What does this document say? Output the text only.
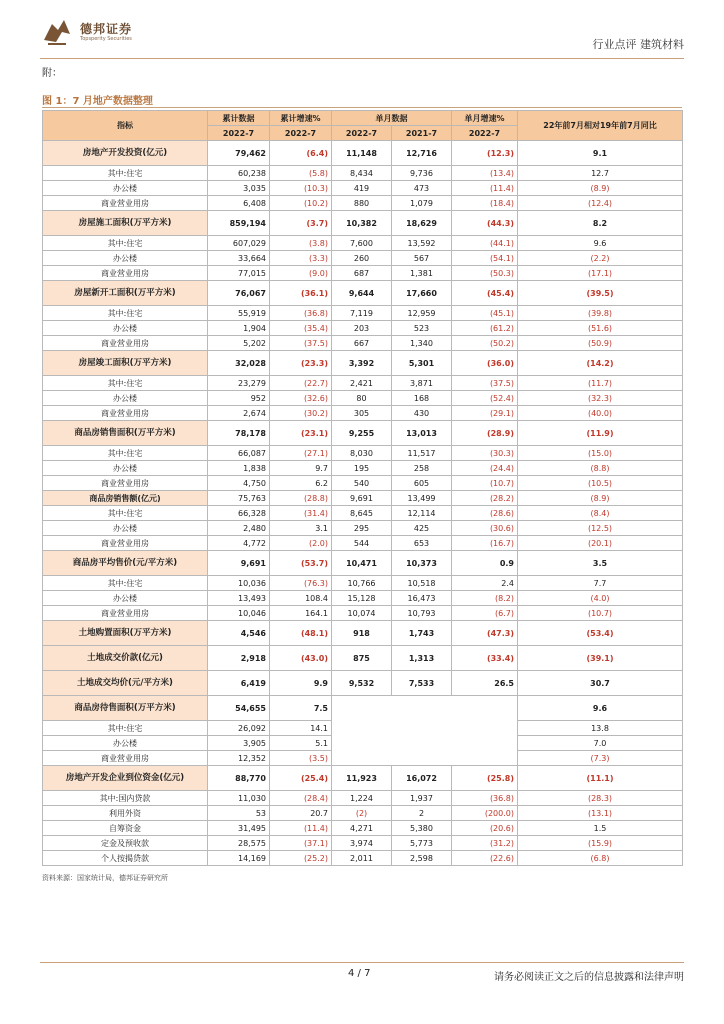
德邦证券
Topsperity Securities	行业点评 建筑材料
附：
图 1：7 月地产数据整理
指标	累计数据	累计增速%	单月数据		单月增速%	22年前7月相对19年前7月同比
	2022-7	2022-7	2022-7	2021-7	2022-7	
房地产开发投资(亿元)	79,462	(6.4)	11,148	12,716	(12.3)	9.1
其中:住宅	60,238	(5.8)	8,434	9,736	(13.4)	12.7
办公楼	3,035	(10.3)	419	473	(11.4)	(8.9)
商业营业用房	6,408	(10.2)	880	1,079	(18.4)	(12.4)
房屋施工面积(万平方米)	859,194	(3.7)	10,382	18,629	(44.3)	8.2
其中:住宅	607,029	(3.8)	7,600	13,592	(44.1)	9.6
办公楼	33,664	(3.3)	260	567	(54.1)	(2.2)
商业营业用房	77,015	(9.0)	687	1,381	(50.3)	(17.1)
房屋新开工面积(万平方米)	76,067	(36.1)	9,644	17,660	(45.4)	(39.5)
其中:住宅	55,919	(36.8)	7,119	12,959	(45.1)	(39.8)
办公楼	1,904	(35.4)	203	523	(61.2)	(51.6)
商业营业用房	5,202	(37.5)	667	1,340	(50.2)	(50.9)
房屋竣工面积(万平方米)	32,028	(23.3)	3,392	5,301	(36.0)	(14.2)
其中:住宅	23,279	(22.7)	2,421	3,871	(37.5)	(11.7)
办公楼	952	(32.6)	80	168	(52.4)	(32.3)
商业营业用房	2,674	(30.2)	305	430	(29.1)	(40.0)
商品房销售面积(万平方米)	78,178	(23.1)	9,255	13,013	(28.9)	(11.9)
其中:住宅	66,087	(27.1)	8,030	11,517	(30.3)	(15.0)
办公楼	1,838	9.7	195	258	(24.4)	(8.8)
商业营业用房	4,750	6.2	540	605	(10.7)	(10.5)
商品房销售额(亿元)	75,763	(28.8)	9,691	13,499	(28.2)	(8.9)
其中:住宅	66,328	(31.4)	8,645	12,114	(28.6)	(8.4)
办公楼	2,480	3.1	295	425	(30.6)	(12.5)
商业营业用房	4,772	(2.0)	544	653	(16.7)	(20.1)
商品房平均售价(元/平方米)	9,691	(53.7)	10,471	10,373	0.9	3.5
其中:住宅	10,036	(76.3)	10,766	10,518	2.4	7.7
办公楼	13,493	108.4	15,128	16,473	(8.2)	(4.0)
商业营业用房	10,046	164.1	10,074	10,793	(6.7)	(10.7)
土地购置面积(万平方米)	4,546	(48.1)	918	1,743	(47.3)	(53.4)
土地成交价款(亿元)	2,918	(43.0)	875	1,313	(33.4)	(39.1)
土地成交均价(元/平方米)	6,419	9.9	9,532	7,533	26.5	30.7
商品房待售面积(万平方米)	54,655	7.5				9.6
其中:住宅	26,092	14.1				13.8
办公楼	3,905	5.1				7.0
商业营业用房	12,352	(3.5)				(7.3)
房地产开发企业到位资金(亿元)	88,770	(25.4)	11,923	16,072	(25.8)	(11.1)
其中:国内贷款	11,030	(28.4)	1,224	1,937	(36.8)	(28.3)
利用外资	53	20.7	(2)	2	(200.0)	(13.1)
自筹资金	31,495	(11.4)	4,271	5,380	(20.6)	1.5
定金及预收款	28,575	(37.1)	3,974	5,773	(31.2)	(15.9)
个人按揭贷款	14,169	(25.2)	2,011	2,598	(22.6)	(6.8)
资料来源：国家统计局，德邦证券研究所
4 / 7	请务必阅读正文之后的信息披露和法律声明
